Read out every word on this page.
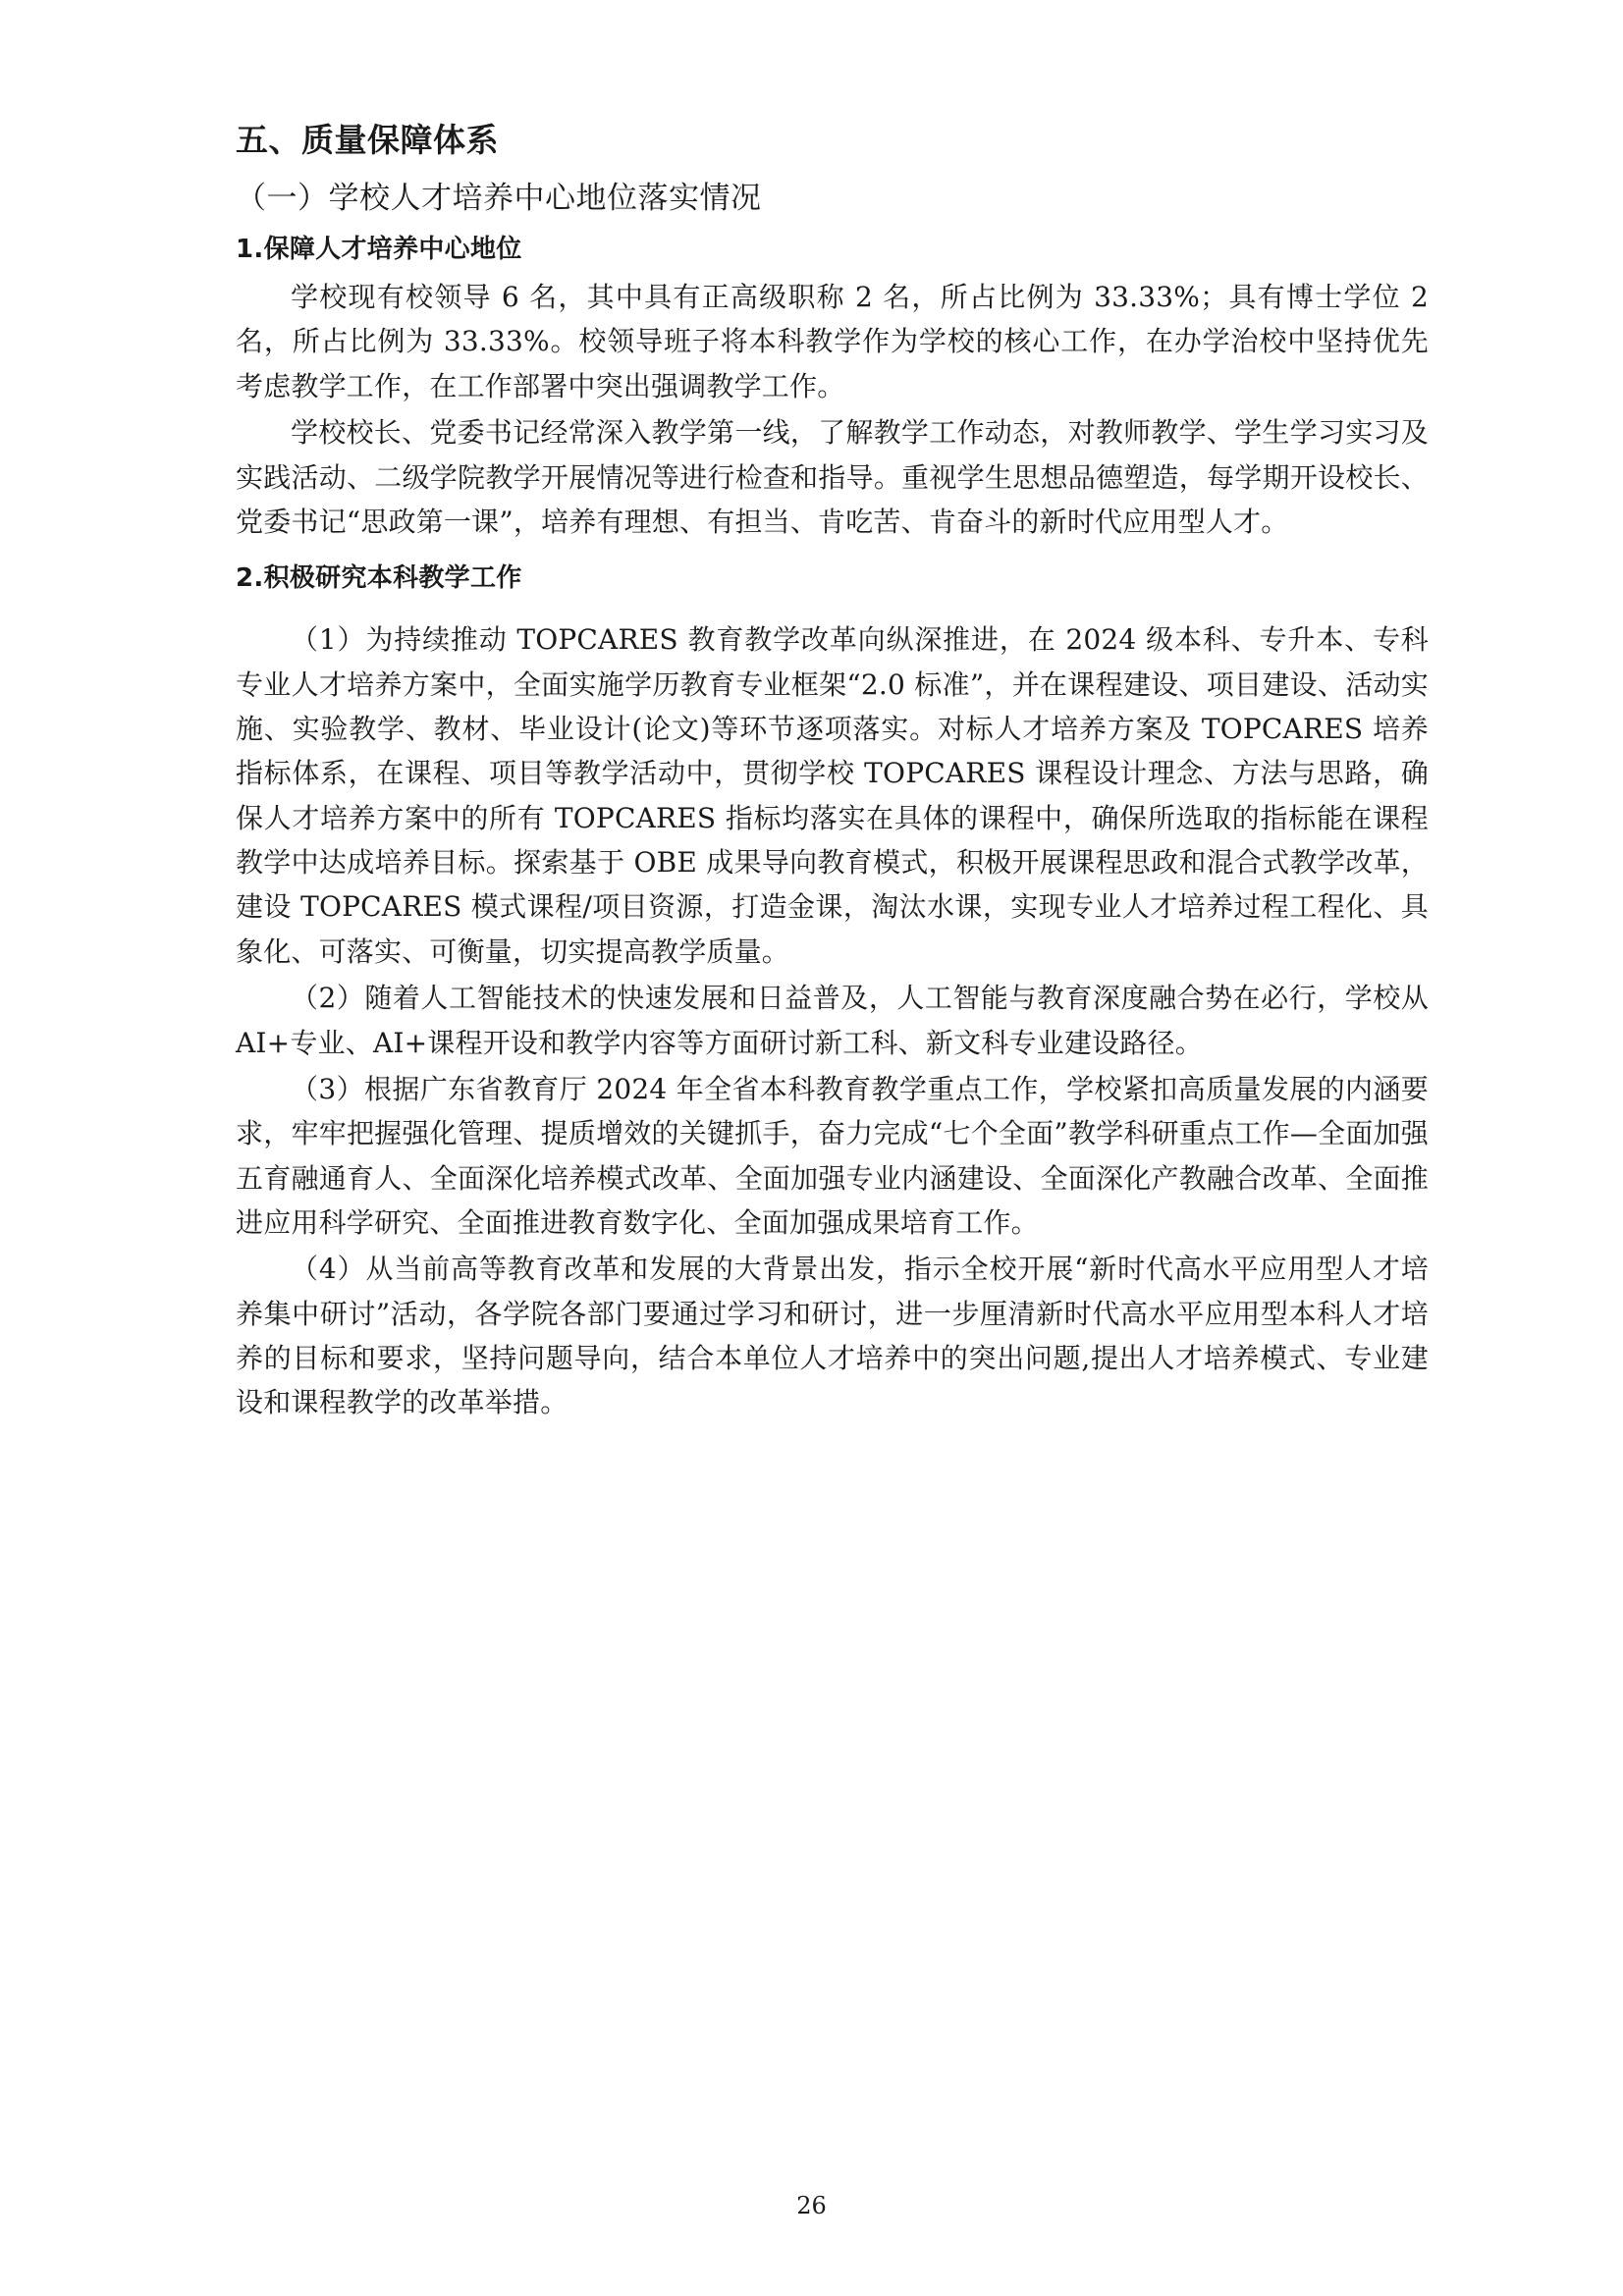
五、质量保障体系
（一）学校人才培养中心地位落实情况
1.保障人才培养中心地位

学校现有校领导 6 名，其中具有正高级职称 2 名，所占比例为 33.33%；具有博士学位 2 名，所占比例为 33.33%。校领导班子将本科教学作为学校的核心工作，在办学治校中坚持优先考虑教学工作，在工作部署中突出强调教学工作。

学校校长、党委书记经常深入教学第一线，了解教学工作动态，对教师教学、学生学习实习及实践活动、二级学院教学开展情况等进行检查和指导。重视学生思想品德塑造，每学期开设校长、党委书记“思政第一课”，培养有理想、有担当、肯吃苦、肯奋斗的新时代应用型人才。

2.积极研究本科教学工作

（1）为持续推动 TOPCARES 教育教学改革向纵深推进，在 2024 级本科、专升本、专科专业人才培养方案中，全面实施学历教育专业框架“2.0 标准”，并在课程建设、项目建设、活动实施、实验教学、教材、毕业设计(论文)等环节逐项落实。对标人才培养方案及 TOPCARES 培养指标体系，在课程、项目等教学活动中，贯彻学校 TOPCARES 课程设计理念、方法与思路，确保人才培养方案中的所有 TOPCARES 指标均落实在具体的课程中，确保所选取的指标能在课程教学中达成培养目标。探索基于 OBE 成果导向教育模式，积极开展课程思政和混合式教学改革，建设 TOPCARES 模式课程/项目资源，打造金课，淘汰水课，实现专业人才培养过程工程化、具象化、可落实、可衡量，切实提高教学质量。

（2）随着人工智能技术的快速发展和日益普及，人工智能与教育深度融合势在必行，学校从 AI+专业、AI+课程开设和教学内容等方面研讨新工科、新文科专业建设路径。

（3）根据广东省教育厅 2024 年全省本科教育教学重点工作，学校紧扣高质量发展的内涵要求，牢牢把握强化管理、提质增效的关键抓手，奋力完成“七个全面”教学科研重点工作—全面加强五育融通育人、全面深化培养模式改革、全面加强专业内涵建设、全面深化产教融合改革、全面推进应用科学研究、全面推进教育数字化、全面加强成果培育工作。

（4）从当前高等教育改革和发展的大背景出发，指示全校开展“新时代高水平应用型人才培养集中研讨”活动，各学院各部门要通过学习和研讨，进一步厘清新时代高水平应用型本科人才培养的目标和要求，坚持问题导向，结合本单位人才培养中的突出问题,提出人才培养模式、专业建设和课程教学的改革举措。

26
